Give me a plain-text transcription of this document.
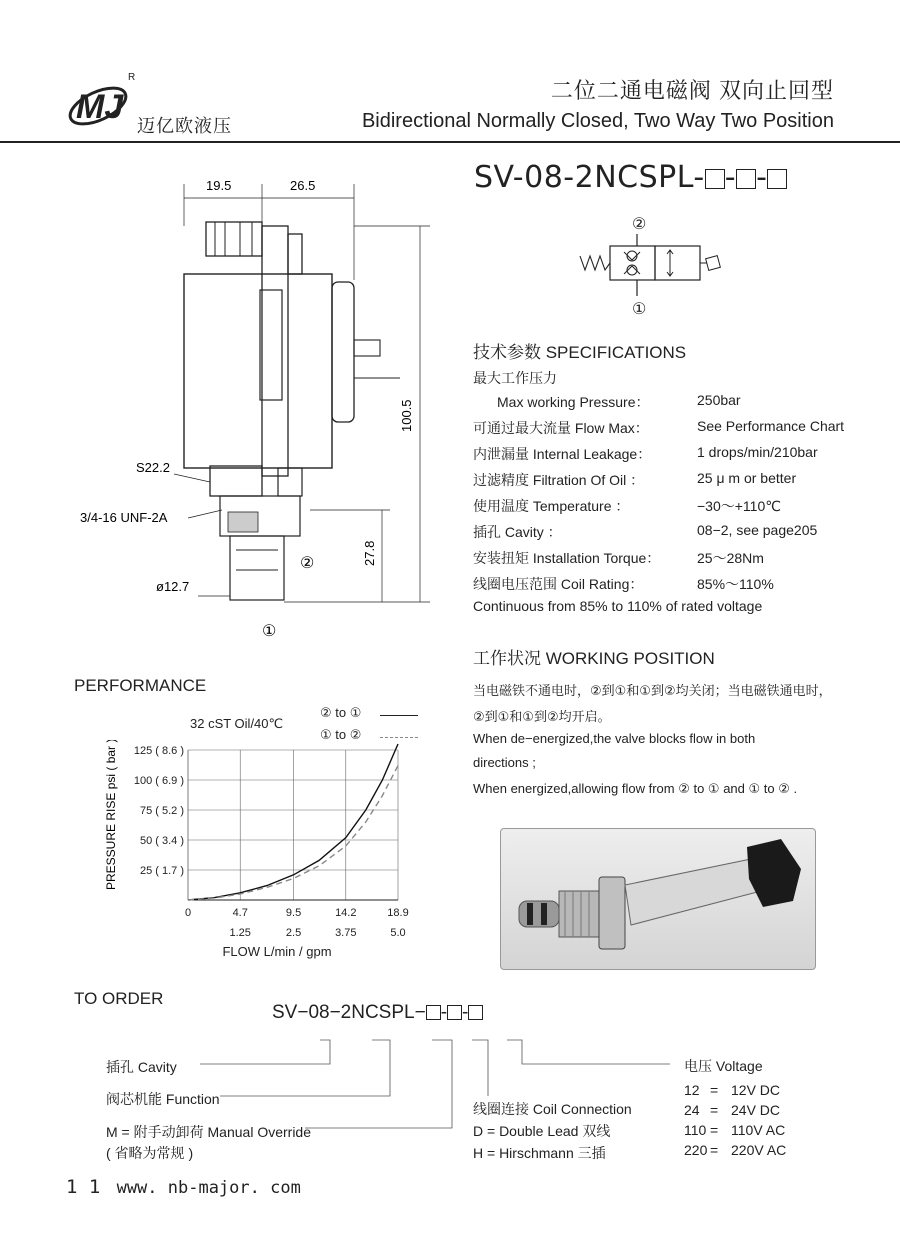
MJ
R
迈亿欧液压
二位二通电磁阀 双向止回型
Bidirectional Normally Closed, Two Way Two Position
SV-08-2NCSPL- - -
②
①
19.5	26.5
100.5
27.8
S22.2
3/4-16 UNF-2A
ø12.7
②
①
技术参数 SPECIFICATIONS
最大工作压力
Max working Pressure：	250bar
可通过最大流量 Flow Max：	See Performance Chart
内泄漏量 Internal Leakage：	1 drops/min/210bar
过滤精度 Filtration Of Oil ：	25 μ m or better
使用温度 Temperature ：	−30～+110℃
插孔 Cavity ：	08−2, see page205
安装扭矩 Installation Torque：	25～28Nm
线圈电压范围 Coil Rating：	85%～110%
Continuous from 85% to 110% of rated voltage
工作状况 WORKING POSITION
当电磁铁不通电时，②到①和①到②均关闭；当电磁铁通电时，
②到①和①到②均开启。
When de−energized,the valve blocks flow in both
directions ;
When energized,allowing flow from ② to ① and ① to ② .
PERFORMANCE
32 cST Oil/40℃
② to ①
① to ②
PRESSURE RISE psi ( bar ) 25 ( 1.7 )
50 ( 3.4 )
75 ( 5.2 )
100 ( 6.9 )
125 ( 8.6 )
0	4.7	9.5	14.2	18.9
1.25	2.5	3.75	5.0
FLOW L/min / gpm
TO ORDER
SV−08−2NCSPL− - -
插孔 Cavity
阀芯机能 Function
M = 附手动卸荷 Manual Override
( 省略为常规 )
线圈连接 Coil Connection
D = Double Lead 双线
H = Hirschmann 三插
电压 Voltage
12 = 12V DC
24 = 24V DC
110 = 110V AC
220 = 220V AC
1 1 www. nb-major. com
